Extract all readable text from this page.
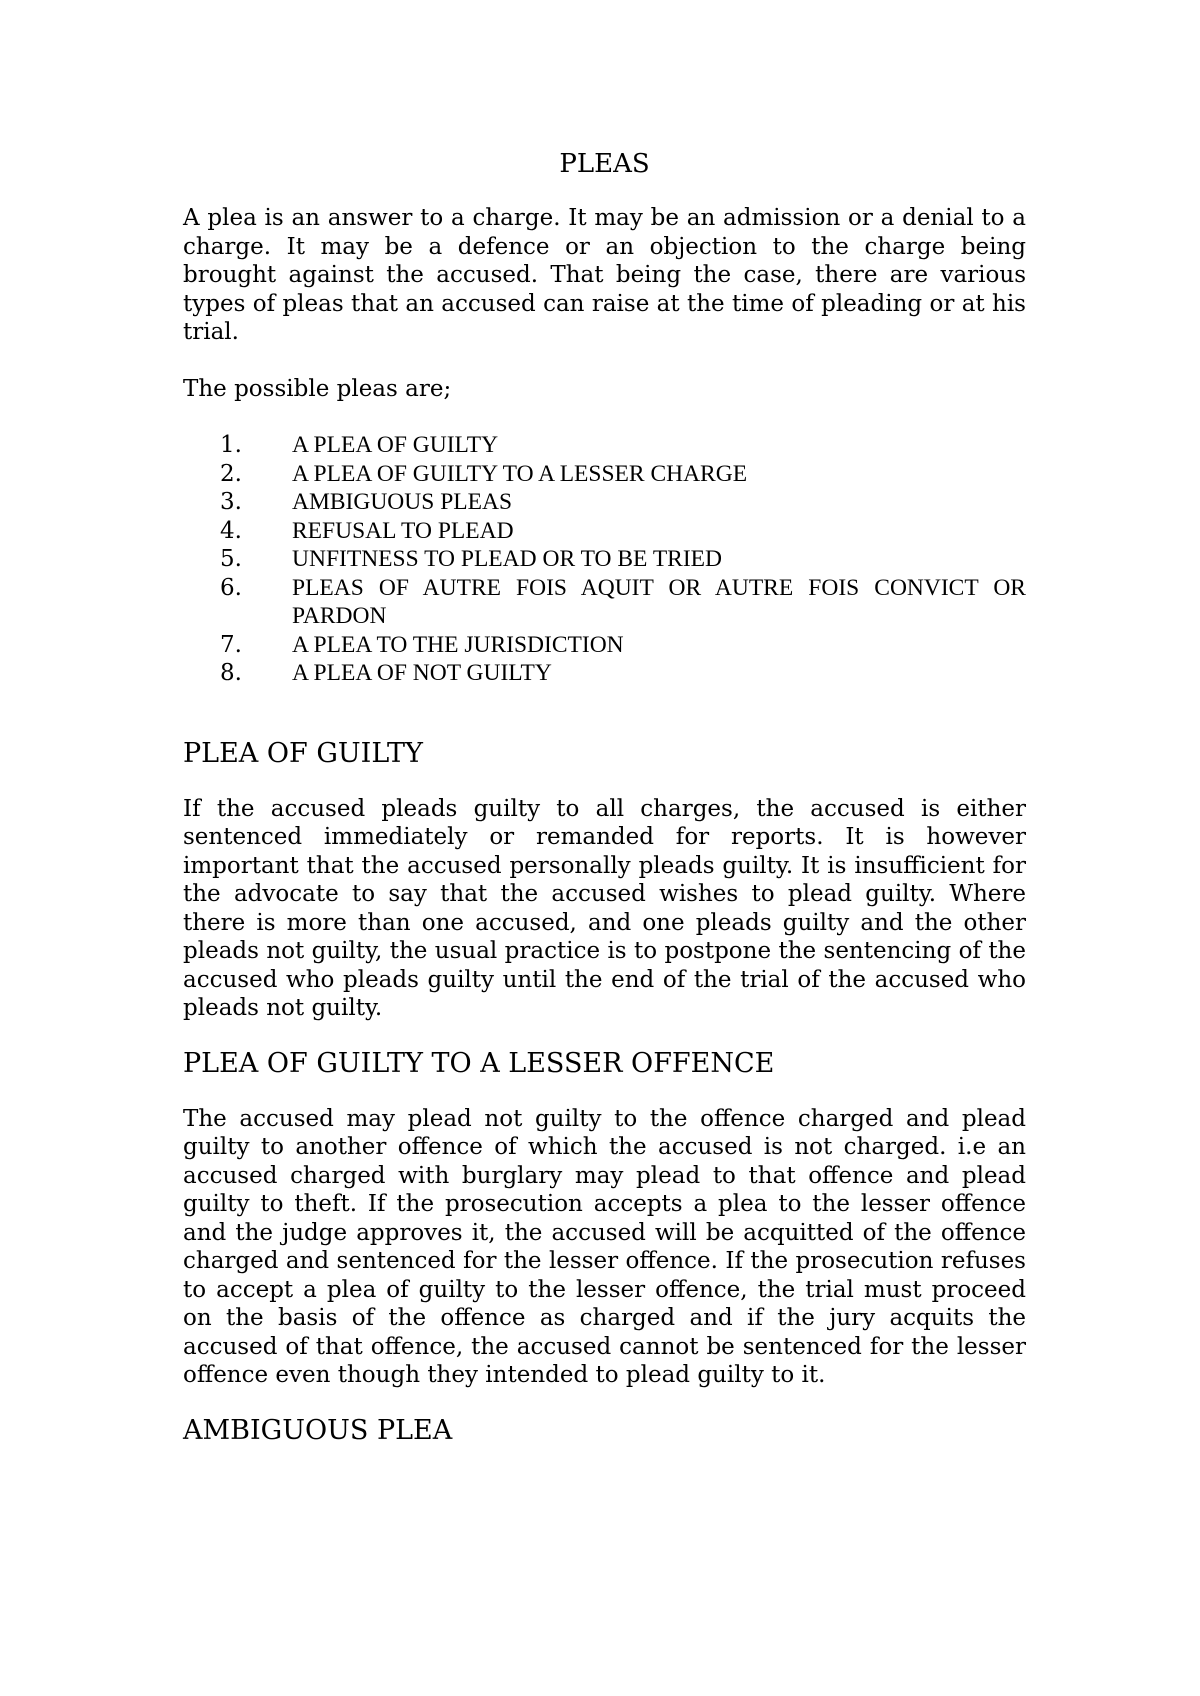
PLEAS

A plea is an answer to a charge. It may be an admission or a denial to a charge. It may be a defence or an objection to the charge being brought against the accused. That being the case, there are various types of pleas that an accused can raise at the time of pleading or at his trial.

The possible pleas are;

1.	A PLEA OF GUILTY
2.	A PLEA OF GUILTY TO A LESSER CHARGE
3.	AMBIGUOUS PLEAS
4.	REFUSAL TO PLEAD
5.	UNFITNESS TO PLEAD OR TO BE TRIED
6.	PLEAS OF AUTRE FOIS AQUIT OR AUTRE FOIS CONVICT OR PARDON
7.	A PLEA TO THE JURISDICTION
8.	A PLEA OF NOT GUILTY
PLEA OF GUILTY

If the accused pleads guilty to all charges, the accused is either sentenced immediately or remanded for reports. It is however important that the accused personally pleads guilty. It is insufficient for the advocate to say that the accused wishes to plead guilty. Where there is more than one accused, and one pleads guilty and the other pleads not guilty, the usual practice is to postpone the sentencing of the accused who pleads guilty until the end of the trial of the accused who pleads not guilty.

PLEA OF GUILTY TO A LESSER OFFENCE

The accused may plead not guilty to the offence charged and plead guilty to another offence of which the accused is not charged. i.e an accused charged with burglary may plead to that offence and plead guilty to theft. If the prosecution accepts a plea to the lesser offence and the judge approves it, the accused will be acquitted of the offence charged and sentenced for the lesser offence. If the prosecution refuses to accept a plea of guilty to the lesser offence, the trial must proceed on the basis of the offence as charged and if the jury acquits the accused of that offence, the accused cannot be sentenced for the lesser offence even though they intended to plead guilty to it.

AMBIGUOUS PLEA
